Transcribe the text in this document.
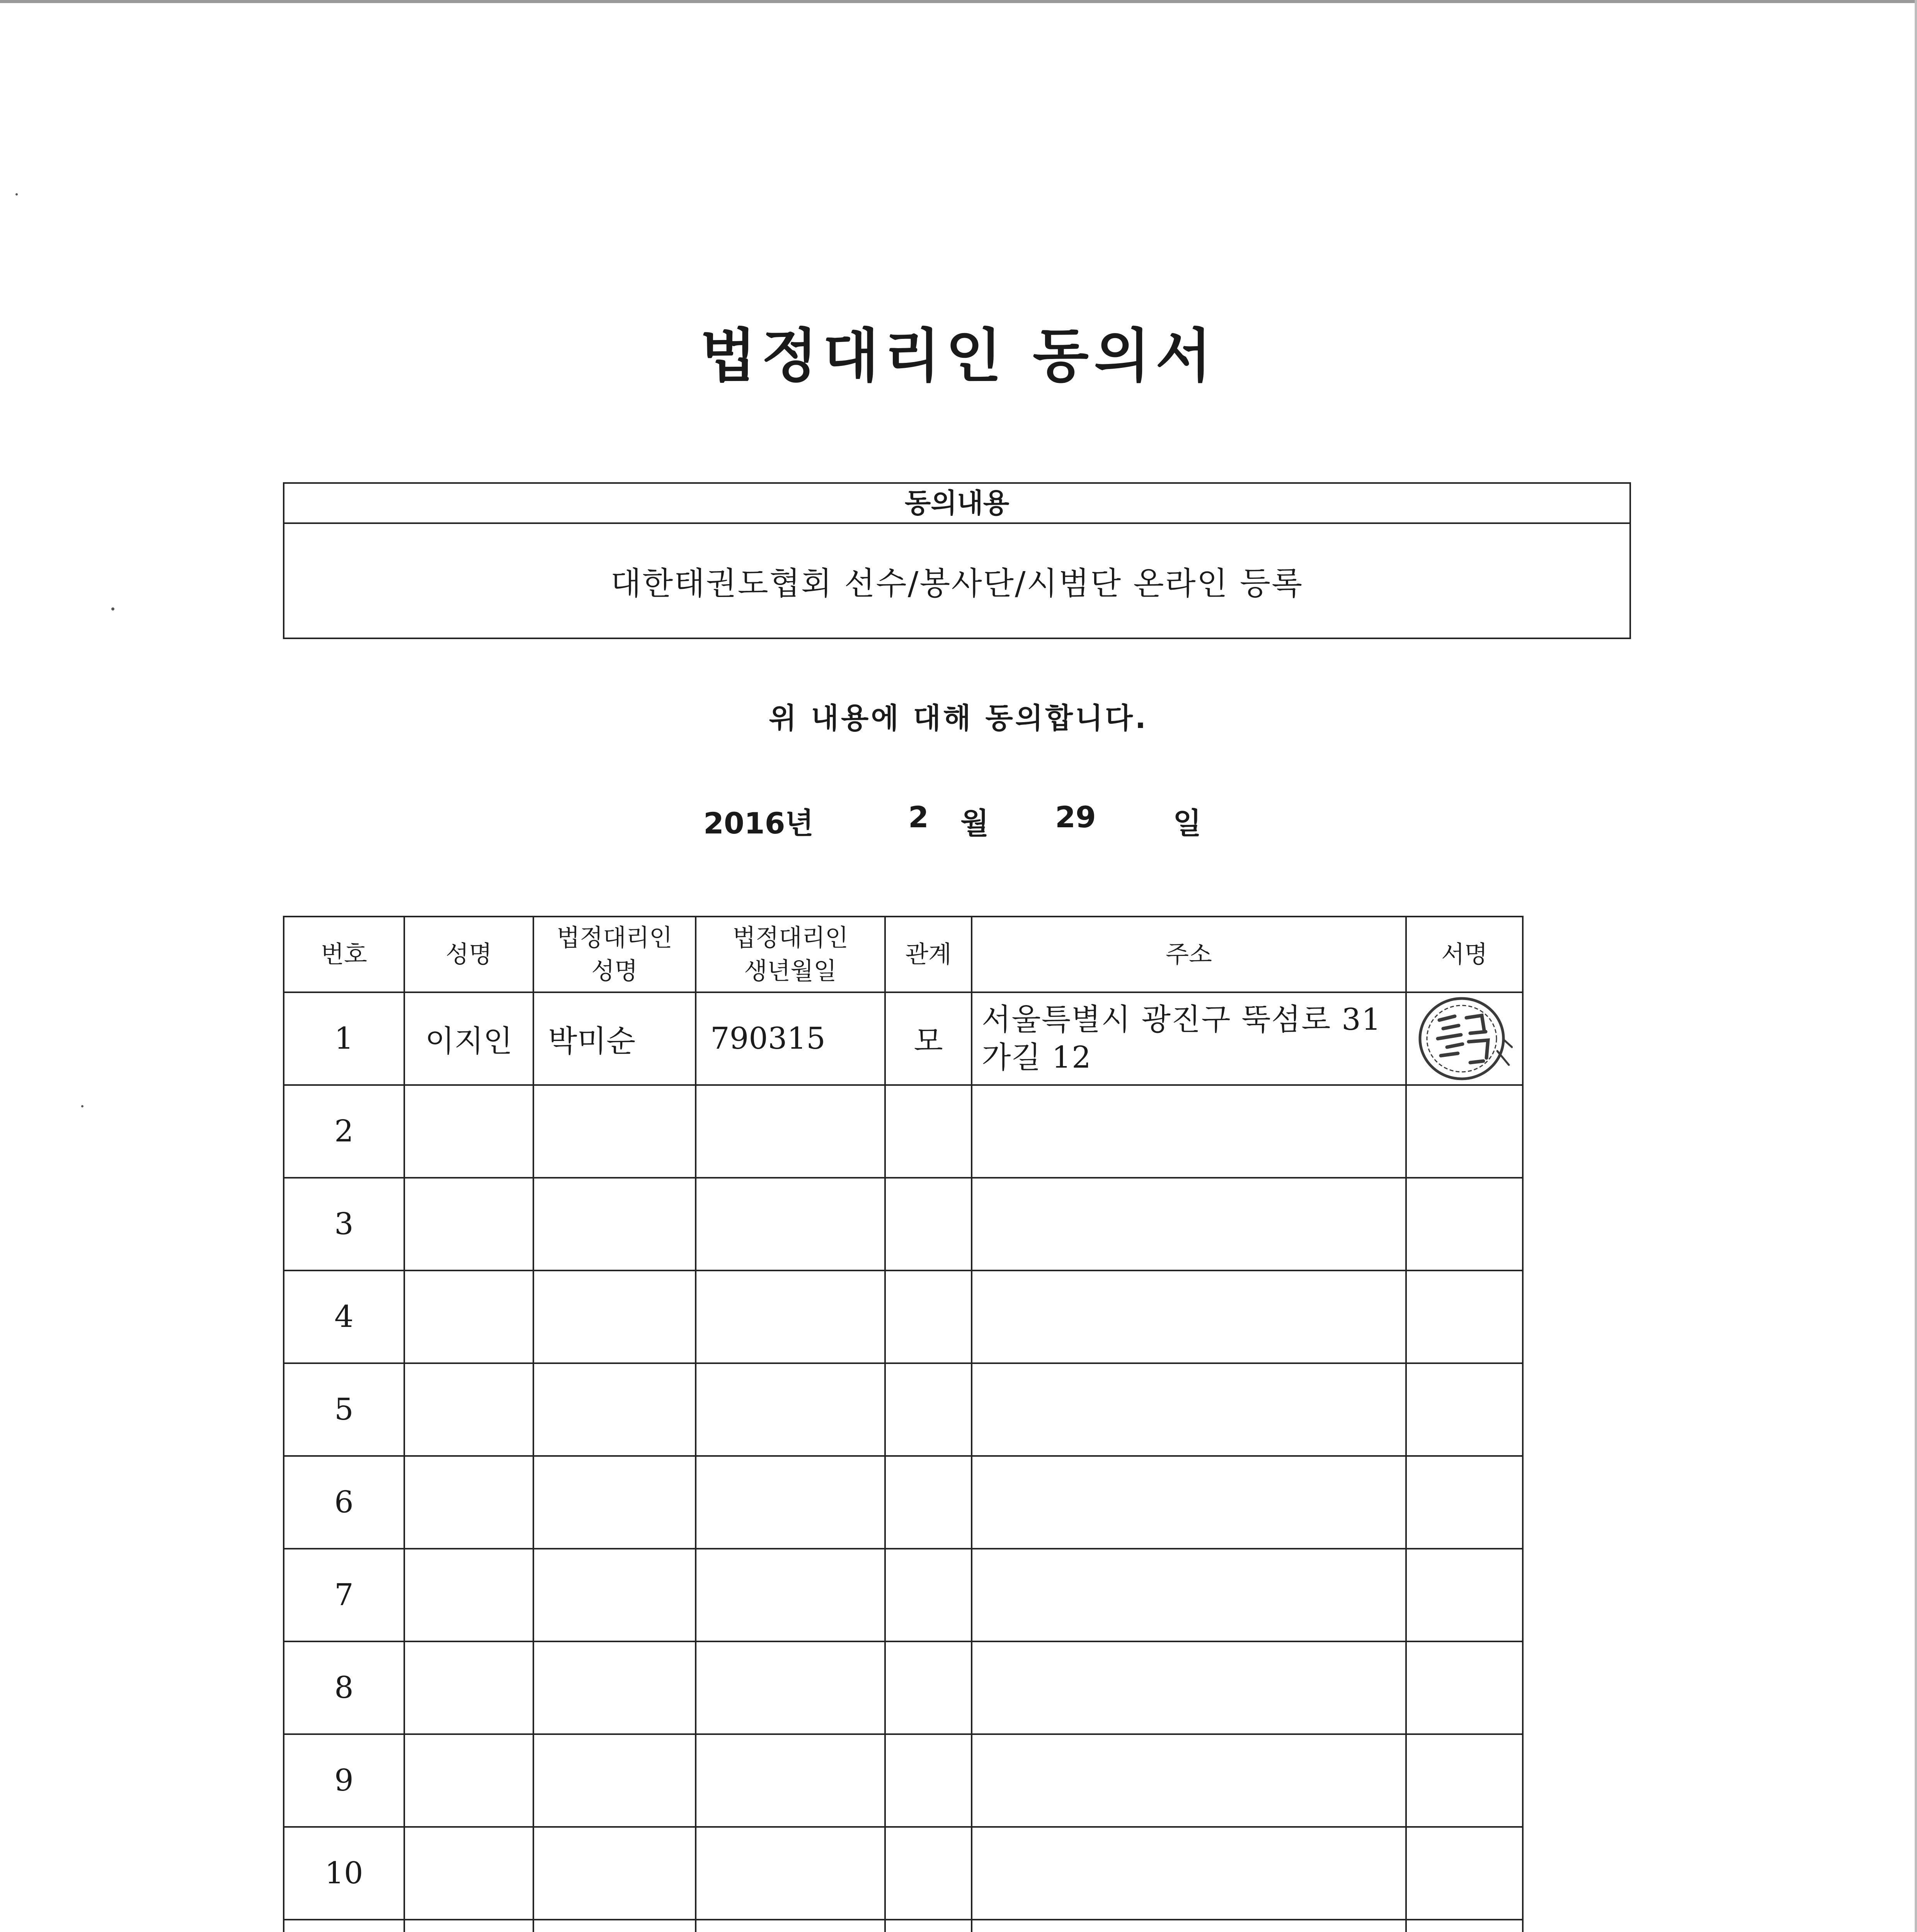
법정대리인 동의서
동의내용
대한태권도협회 선수/봉사단/시범단 온라인 등록
위 내용에 대해 동의합니다.
2016년	2 월 29	일
번호	성명	법정대리인 성명	법정대리인 생년월일	관계	주소	서명
1	이지인	박미순	790315	모	서울특별시 광진구 뚝섬로 31가길 12	

2						
3						
4						
5						
6						
7						
8						
9						
10						
